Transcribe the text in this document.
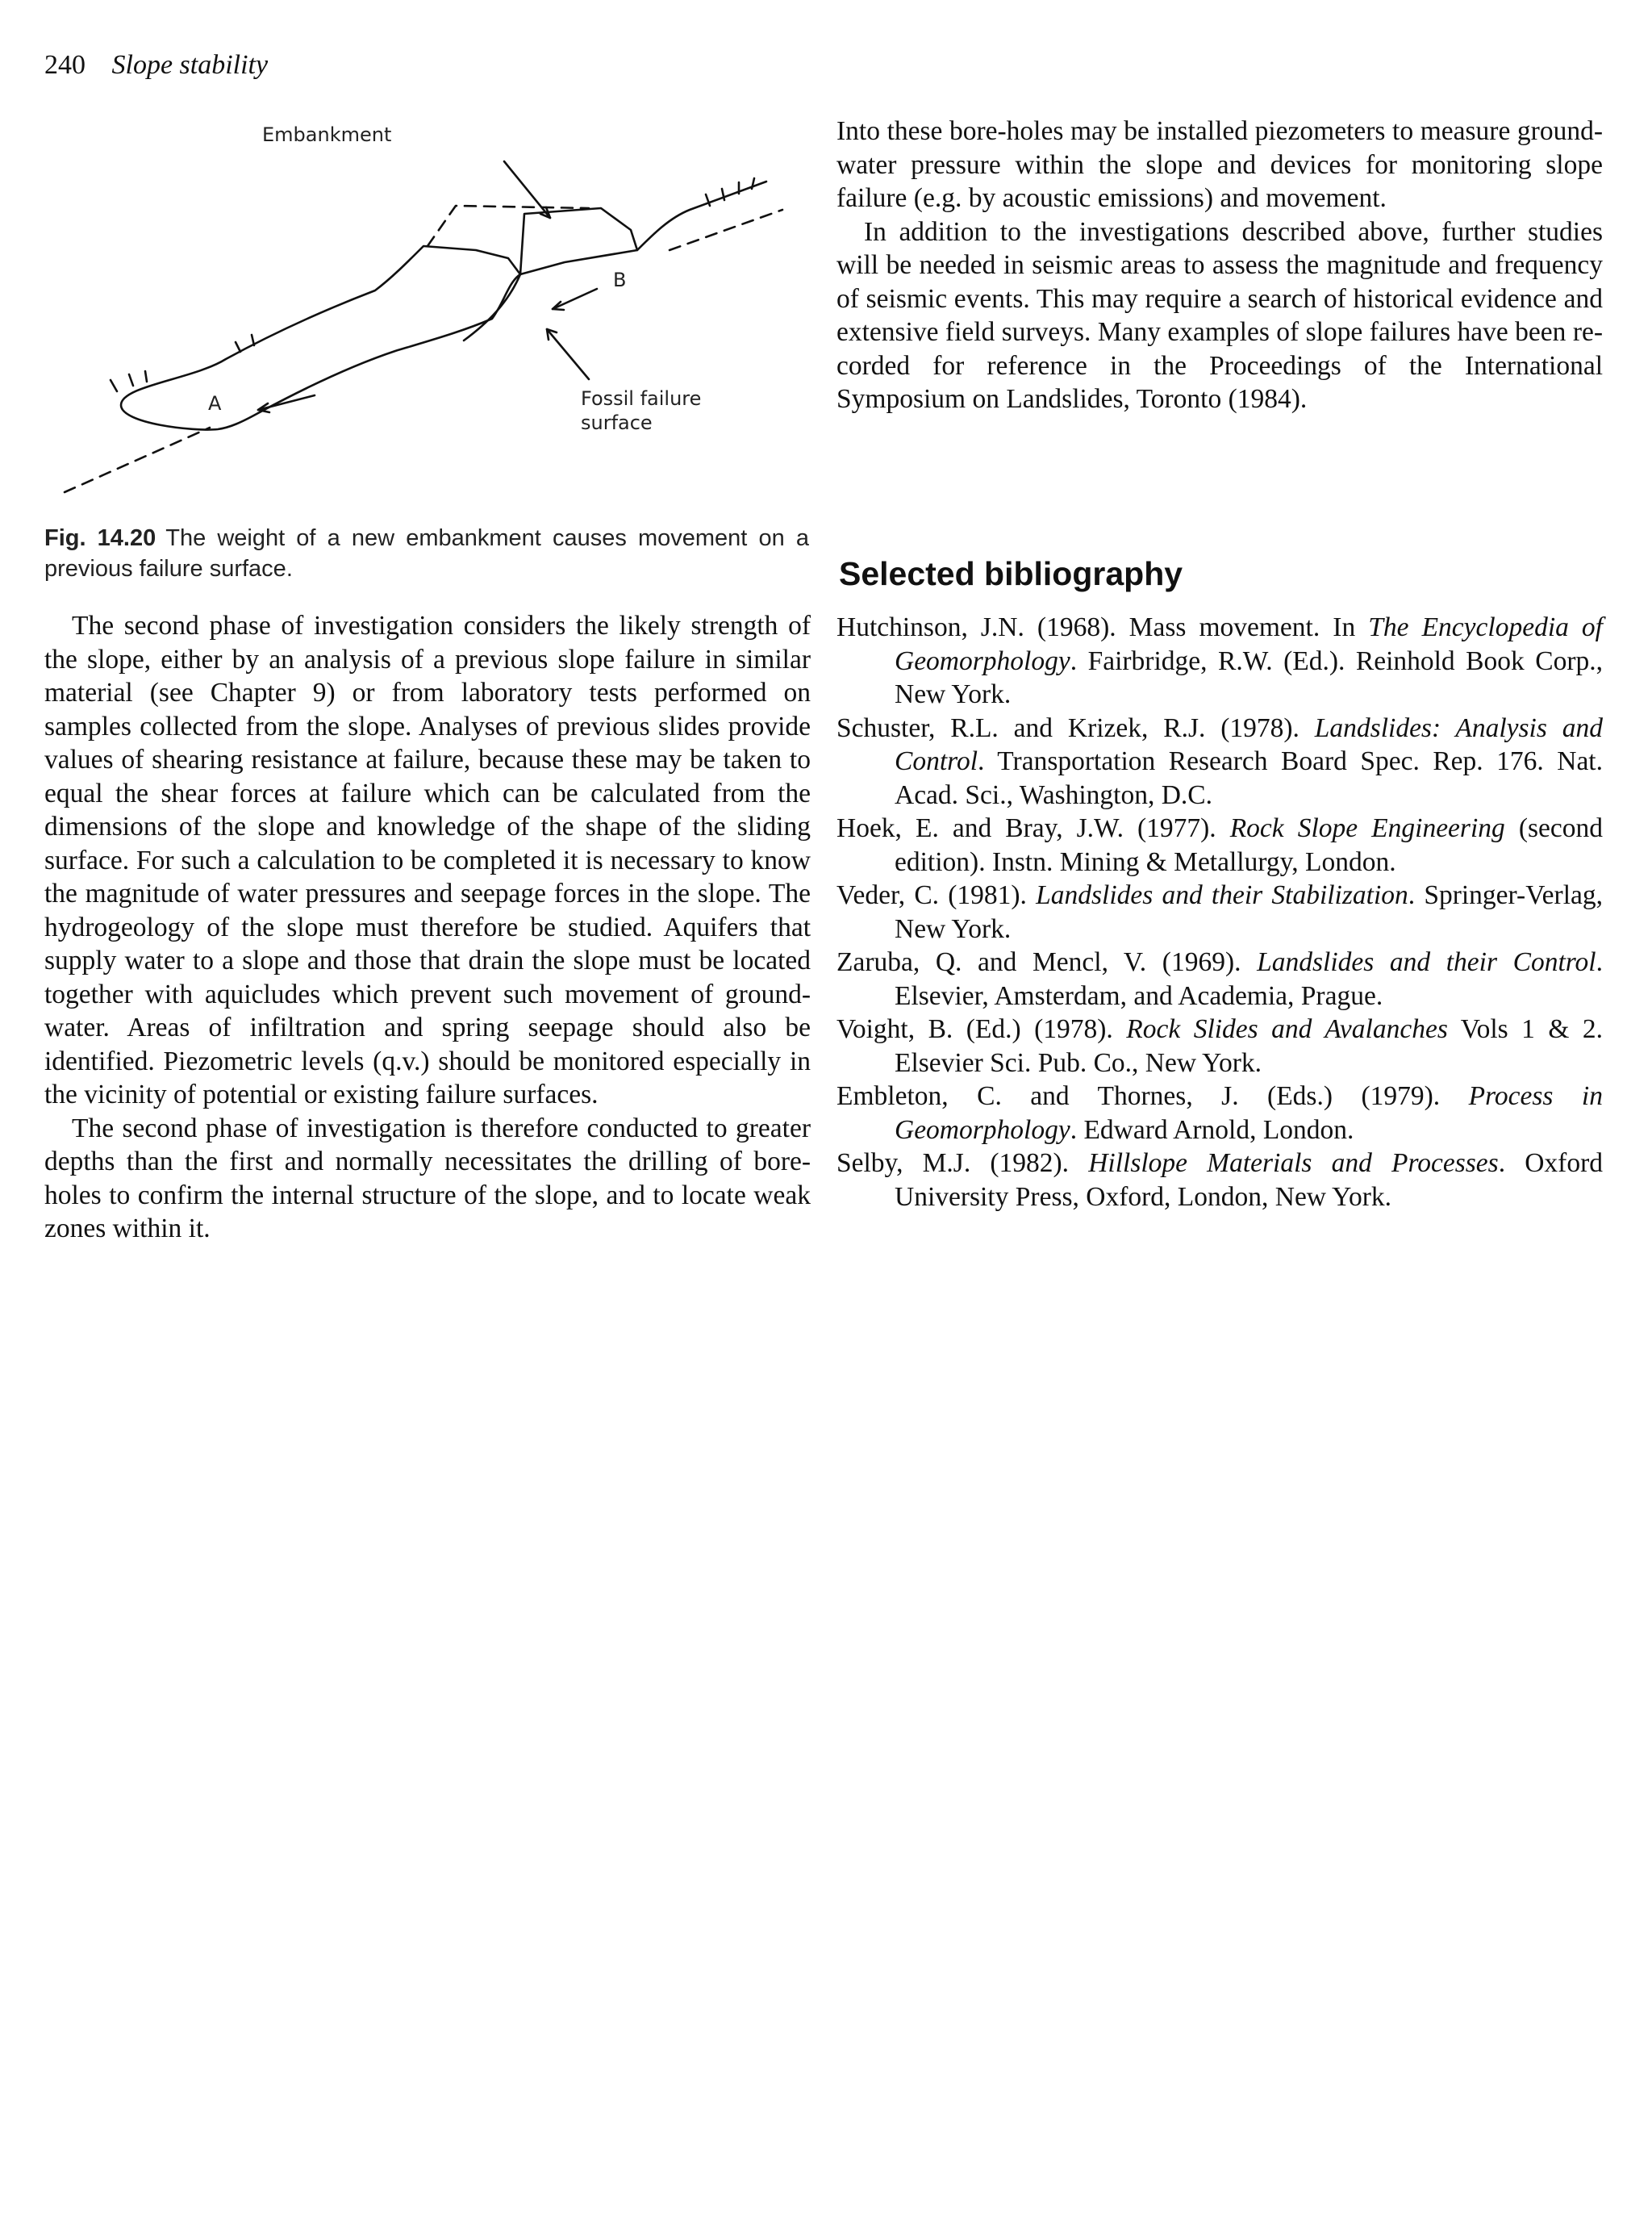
240 Slope stability
Embankment
A
B
Fossil failure
surface
Fig. 14.20 The weight of a new embankment causes movement on a previous failure surface.

The second phase of investigation considers the likely strength of the slope, either by an analysis of a previous slope failure in similar material (see Chapter 9) or from laboratory tests performed on samples collected from the slope. Analyses of previous slides provide values of shearing resistance at failure, because these may be taken to equal the shear forces at failure which can be calculated from the dimensions of the slope and knowledge of the shape of the sliding surface. For such a calculation to be completed it is necessary to know the magnitude of water pressures and seepage forces in the slope. The hydrogeology of the slope must therefore be studied. Aquifers that supply water to a slope and those that drain the slope must be located together with aquicludes which prevent such movement of ground-water. Areas of infiltration and spring seepage should also be identified. Piezometric levels (q.v.) should be monitored especially in the vicinity of potential or existing failure surfaces.

The second phase of investigation is therefore conducted to greater depths than the first and normally necessitates the drilling of bore-holes to confirm the internal structure of the slope, and to locate weak zones within it.

Into these bore-holes may be installed piezometers to measure ground-water pressure within the slope and devices for monitoring slope failure (e.g. by acoustic emissions) and movement.

In addition to the investigations described above, further studies will be needed in seismic areas to assess the magnitude and frequency of seismic events. This may require a search of historical evidence and extensive field surveys. Many examples of slope failures have been recorded for reference in the Proceedings of the International Symposium on Landslides, Toronto (1984).

Selected bibliography

Hutchinson, J.N. (1968). Mass movement. In The Encyclopedia of Geomorphology. Fairbridge, R.W. (Ed.). Reinhold Book Corp., New York.

Schuster, R.L. and Krizek, R.J. (1978). Landslides: Analysis and Control. Transportation Research Board Spec. Rep. 176. Nat. Acad. Sci., Washington, D.C.

Hoek, E. and Bray, J.W. (1977). Rock Slope Engineering (second edition). Instn. Mining & Metallurgy, London.

Veder, C. (1981). Landslides and their Stabilization. Springer-Verlag, New York.

Zaruba, Q. and Mencl, V. (1969). Landslides and their Control. Elsevier, Amsterdam, and Academia, Prague.

Voight, B. (Ed.) (1978). Rock Slides and Avalanches Vols 1 & 2. Elsevier Sci. Pub. Co., New York.

Embleton, C. and Thornes, J. (Eds.) (1979). Process in Geomorphology. Edward Arnold, London.

Selby, M.J. (1982). Hillslope Materials and Processes. Oxford University Press, Oxford, London, New York.
